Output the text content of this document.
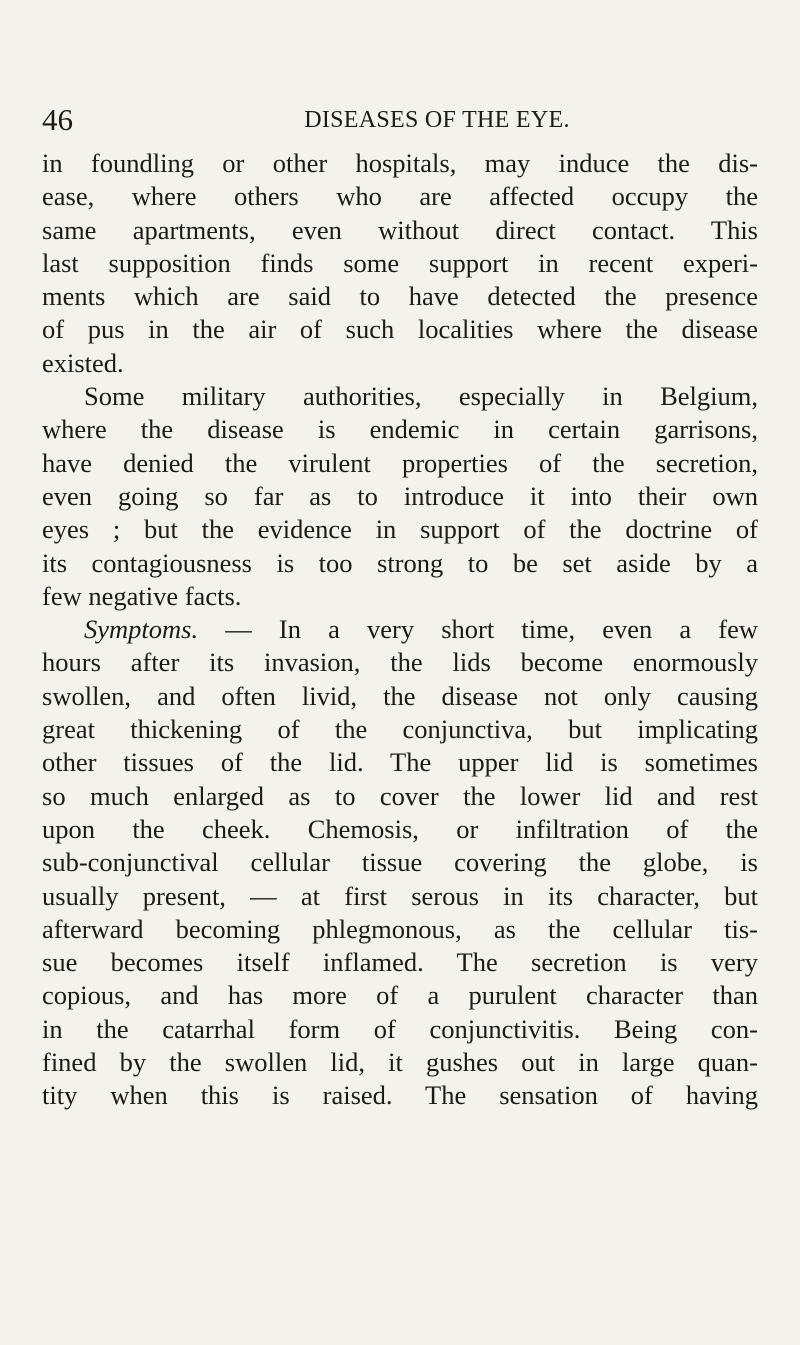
46	DISEASES OF THE EYE.
in foundling or other hospitals, may induce the dis-
ease, where others who are affected occupy the
same apartments, even without direct contact. This
last supposition finds some support in recent experi-
ments which are said to have detected the presence
of pus in the air of such localities where the disease
existed.
Some military authorities, especially in Belgium,
where the disease is endemic in certain garrisons,
have denied the virulent properties of the secretion,
even going so far as to introduce it into their own
eyes ; but the evidence in support of the doctrine of
its contagiousness is too strong to be set aside by a
few negative facts.
Symptoms. — In a very short time, even a few
hours after its invasion, the lids become enormously
swollen, and often livid, the disease not only causing
great thickening of the conjunctiva, but implicating
other tissues of the lid. The upper lid is sometimes
so much enlarged as to cover the lower lid and rest
upon the cheek. Chemosis, or infiltration of the
sub-conjunctival cellular tissue covering the globe, is
usually present, — at first serous in its character, but
afterward becoming phlegmonous, as the cellular tis-
sue becomes itself inflamed. The secretion is very
copious, and has more of a purulent character than
in the catarrhal form of conjunctivitis. Being con-
fined by the swollen lid, it gushes out in large quan-
tity when this is raised. The sensation of having
